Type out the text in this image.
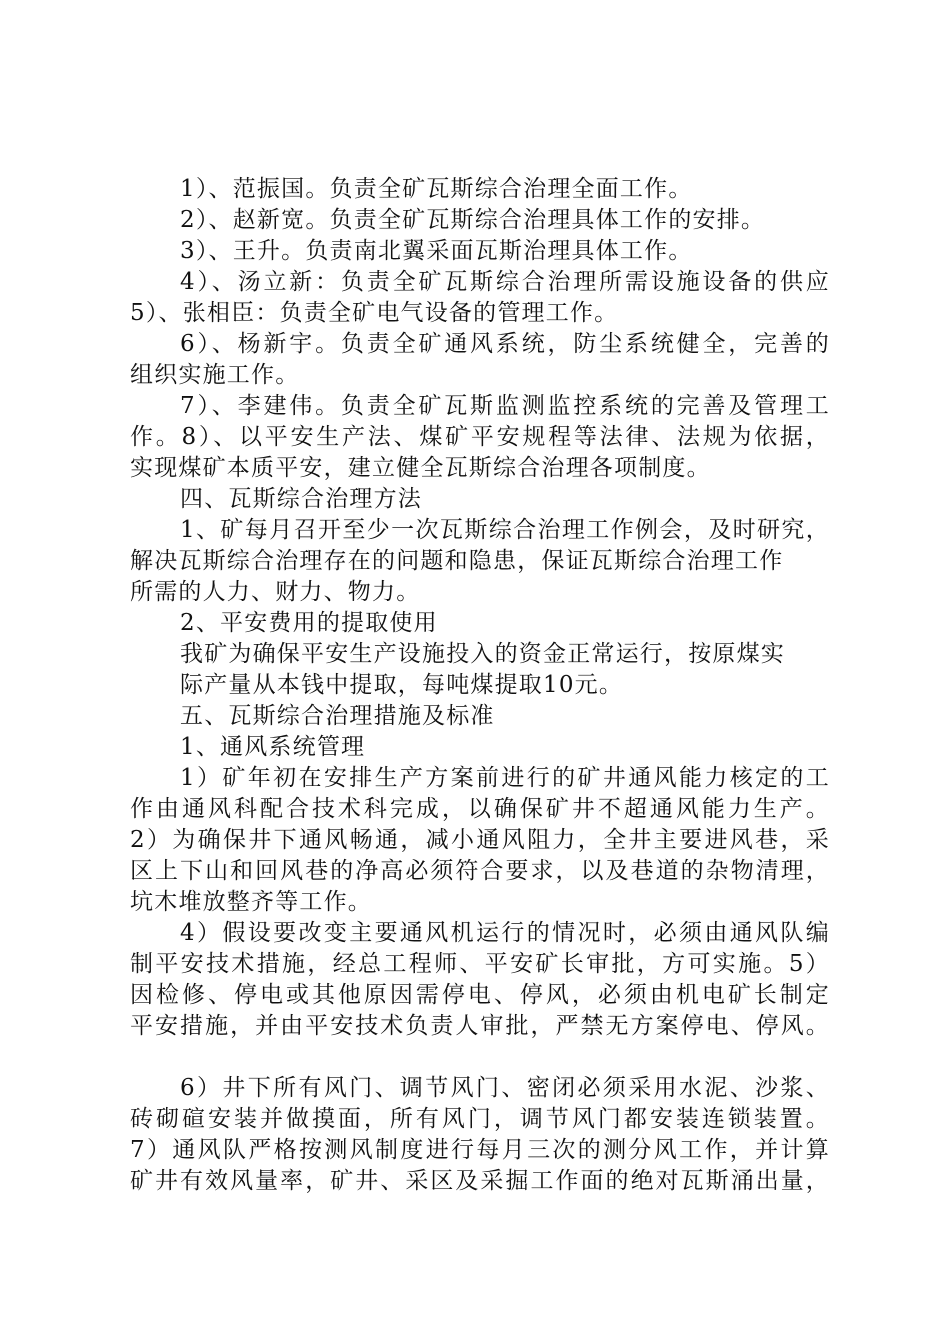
1）、范振国。负责全矿瓦斯综合治理全面工作。
2）、赵新宽。负责全矿瓦斯综合治理具体工作的安排。
3）、王升。负责南北翼采面瓦斯治理具体工作。
4）、汤立新：负责全矿瓦斯综合治理所需设施设备的供应
5）、张相臣：负责全矿电气设备的管理工作。
6）、杨新宇。负责全矿通风系统，防尘系统健全，完善的
组织实施工作。
7）、李建伟。负责全矿瓦斯监测监控系统的完善及管理工
作。8）、以平安生产法、煤矿平安规程等法律、法规为依据，
实现煤矿本质平安，建立健全瓦斯综合治理各项制度。
四、瓦斯综合治理方法
1、矿每月召开至少一次瓦斯综合治理工作例会，及时研究，
解决瓦斯综合治理存在的问题和隐患，保证瓦斯综合治理工作
所需的人力、财力、物力。
2、平安费用的提取使用
我矿为确保平安生产设施投入的资金正常运行，按原煤实
际产量从本钱中提取，每吨煤提取10元。
五、瓦斯综合治理措施及标准
1、通风系统管理
1）矿年初在安排生产方案前进行的矿井通风能力核定的工
作由通风科配合技术科完成，以确保矿井不超通风能力生产。
2）为确保井下通风畅通，减小通风阻力，全井主要进风巷，采
区上下山和回风巷的净高必须符合要求，以及巷道的杂物清理，
坑木堆放整齐等工作。
4）假设要改变主要通风机运行的情况时，必须由通风队编
制平安技术措施，经总工程师、平安矿长审批，方可实施。5）
因检修、停电或其他原因需停电、停风，必须由机电矿长制定
平安措施，并由平安技术负责人审批，严禁无方案停电、停风。
6）井下所有风门、调节风门、密闭必须采用水泥、沙浆、
砖砌碹安装并做摸面，所有风门，调节风门都安装连锁装置。
7）通风队严格按测风制度进行每月三次的测分风工作，并计算
矿井有效风量率，矿井、采区及采掘工作面的绝对瓦斯涌出量，
